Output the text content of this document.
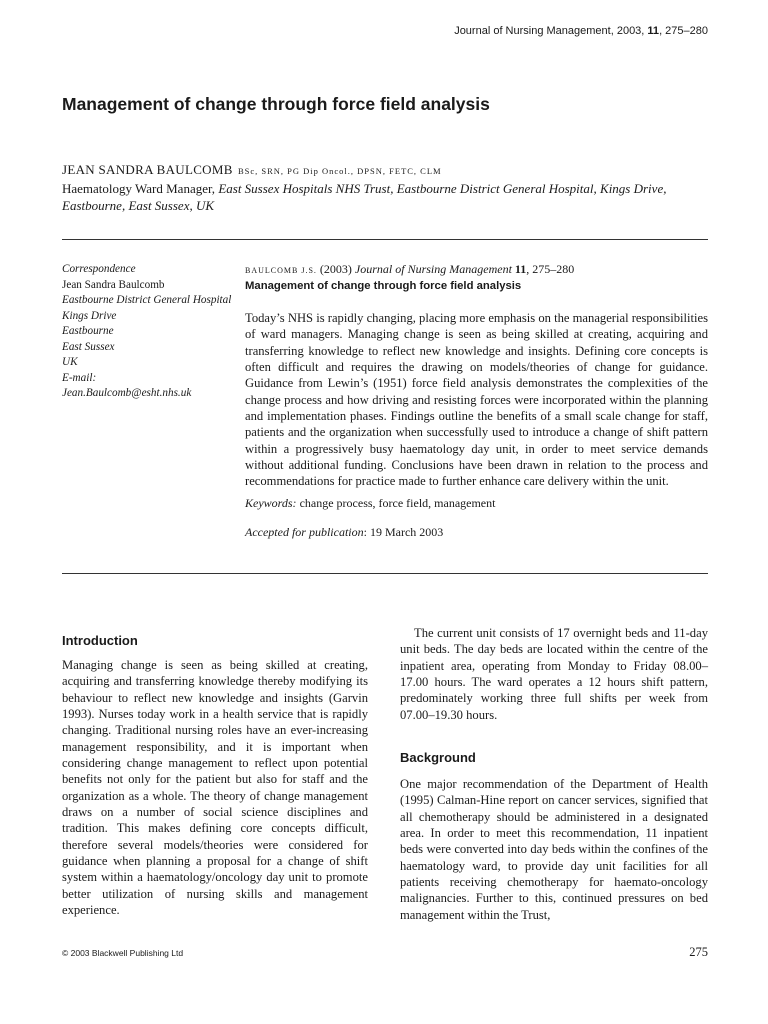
Journal of Nursing Management, 2003, 11, 275–280
Management of change through force field analysis
JEAN SANDRA BAULCOMB BSc, SRN, PG Dip Oncol., DPSN, FETC, CLM
Haematology Ward Manager, East Sussex Hospitals NHS Trust, Eastbourne District General Hospital, Kings Drive, Eastbourne, East Sussex, UK
Correspondence
Jean Sandra Baulcomb
Eastbourne District General Hospital
Kings Drive
Eastbourne
East Sussex
UK
E-mail:
Jean.Baulcomb@esht.nhs.uk
BAULCOMB J.S. (2003) Journal of Nursing Management 11, 275–280
Management of change through force field analysis
Today’s NHS is rapidly changing, placing more emphasis on the managerial responsibilities of ward managers. Managing change is seen as being skilled at creating, acquiring and transferring knowledge to reflect new knowledge and insights. Defining core concepts is often difficult and requires the drawing on models/theories of change for guidance. Guidance from Lewin’s (1951) force field analysis demonstrates the complexities of the change process and how driving and resisting forces were incorporated within the planning and implementation phases. Findings outline the benefits of a small scale change for staff, patients and the organization when successfully used to introduce a change of shift pattern within a progressively busy haematology day unit, in order to meet service demands without additional funding. Conclusions have been drawn in relation to the process and recommendations for practice made to further enhance care delivery within the unit.
Keywords: change process, force field, management
Accepted for publication: 19 March 2003
Introduction
Managing change is seen as being skilled at creating, acquiring and transferring knowledge thereby modifying its behaviour to reflect new knowledge and insights (Garvin 1993). Nurses today work in a health service that is rapidly changing. Traditional nursing roles have an ever-increasing management responsibility, and it is important when considering change management to reflect upon potential benefits not only for the patient but also for staff and the organization as a whole. The theory of change management draws on a number of social science disciplines and tradition. This makes defining core concepts difficult, therefore several models/theories were considered for guidance when planning a proposal for a change of shift system within a haematology/oncology day unit to promote better utilization of nursing skills and management experience.
The current unit consists of 17 overnight beds and 11-day unit beds. The day beds are located within the centre of the inpatient area, operating from Monday to Friday 08.00–17.00 hours. The ward operates a 12 hours shift pattern, predominately working three full shifts per week from 07.00–19.30 hours.
Background
One major recommendation of the Department of Health (1995) Calman-Hine report on cancer services, signified that all chemotherapy should be administered in a designated area. In order to meet this recommendation, 11 inpatient beds were converted into day beds within the confines of the haematology ward, to provide day unit facilities for all patients receiving chemotherapy for haemato-oncology malignancies. Further to this, continued pressures on bed management within the Trust,
© 2003 Blackwell Publishing Ltd	275
